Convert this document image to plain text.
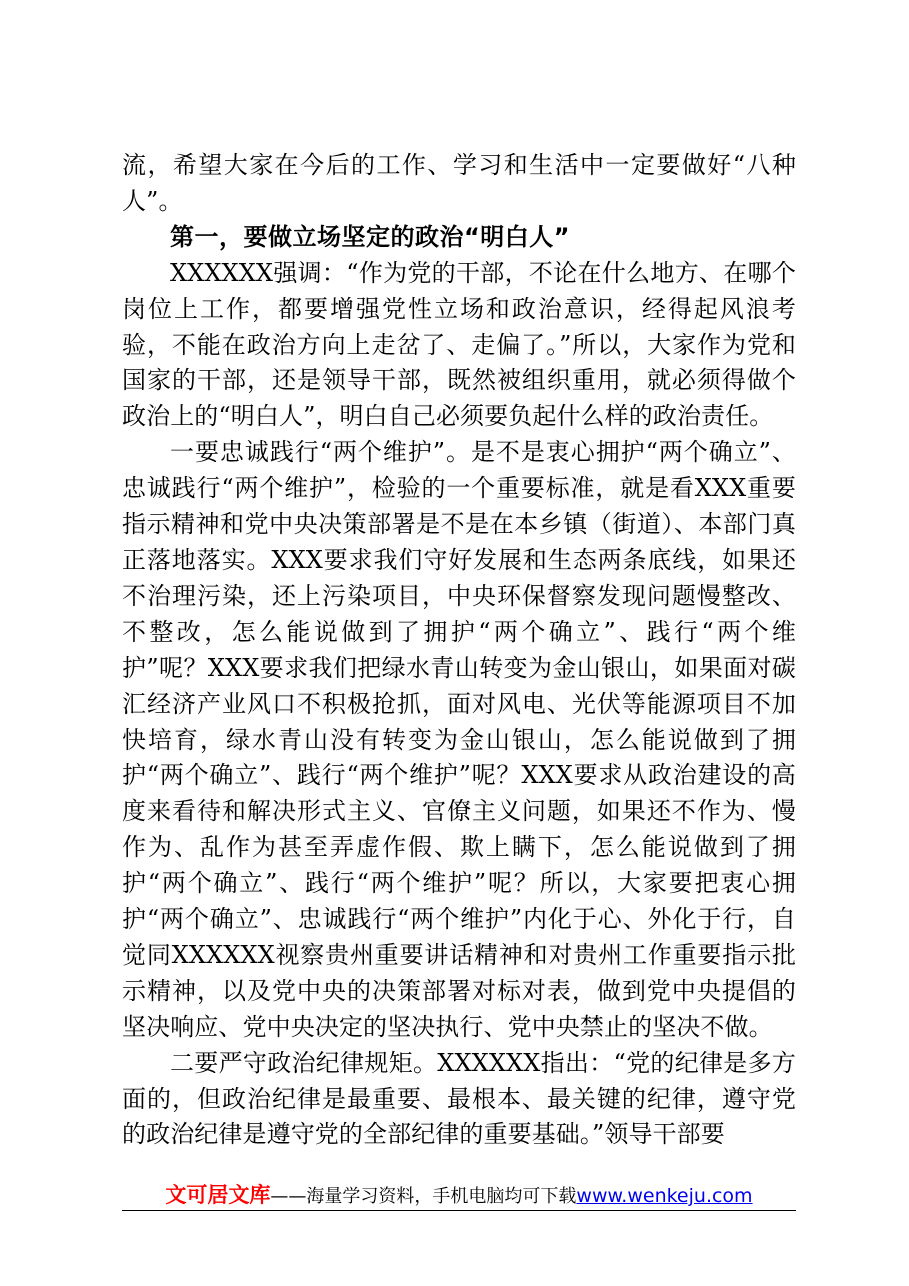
流，希望大家在今后的工作、学习和生活中一定要做好“八种人”。

第一，要做立场坚定的政治“明白人”

XXXXXX强调：“作为党的干部，不论在什么地方、在哪个岗位上工作，都要增强党性立场和政治意识，经得起风浪考验，不能在政治方向上走岔了、走偏了。”所以，大家作为党和国家的干部，还是领导干部，既然被组织重用，就必须得做个政治上的“明白人”，明白自己必须要负起什么样的政治责任。

一要忠诚践行“两个维护”。是不是衷心拥护“两个确立”、忠诚践行“两个维护”，检验的一个重要标准，就是看XXX重要指示精神和党中央决策部署是不是在本乡镇（街道）、本部门真正落地落实。XXX要求我们守好发展和生态两条底线，如果还不治理污染，还上污染项目，中央环保督察发现问题慢整改、不整改，怎么能说做到了拥护“两个确立”、践行“两个维护”呢？XXX要求我们把绿水青山转变为金山银山，如果面对碳汇经济产业风口不积极抢抓，面对风电、光伏等能源项目不加快培育，绿水青山没有转变为金山银山，怎么能说做到了拥护“两个确立”、践行“两个维护”呢？XXX要求从政治建设的高度来看待和解决形式主义、官僚主义问题，如果还不作为、慢作为、乱作为甚至弄虚作假、欺上瞒下，怎么能说做到了拥护“两个确立”、践行“两个维护”呢？所以，大家要把衷心拥护“两个确立”、忠诚践行“两个维护”内化于心、外化于行，自觉同XXXXXX视察贵州重要讲话精神和对贵州工作重要指示批示精神，以及党中央的决策部署对标对表，做到党中央提倡的坚决响应、党中央决定的坚决执行、党中央禁止的坚决不做。

二要严守政治纪律规矩。XXXXXX指出：“党的纪律是多方面的，但政治纪律是最重要、最根本、最关键的纪律，遵守党的政治纪律是遵守党的全部纪律的重要基础。”领导干部要

文可居文库——海量学习资料，手机电脑均可下载www.wenkeju.com
